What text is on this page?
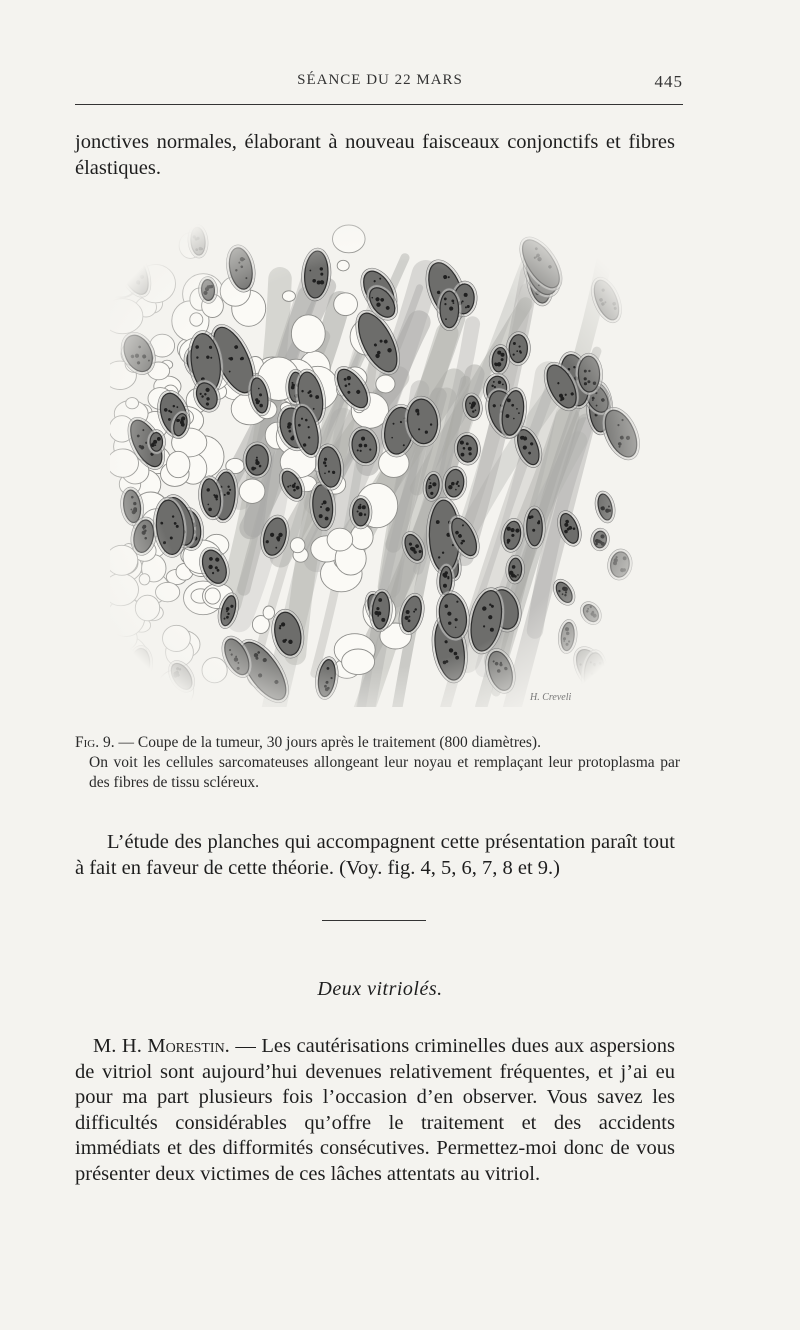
SÉANCE DU 22 MARS	445

jonctives normales, élaborant à nouveau faisceaux conjonctifs et fibres élastiques.

H. Creveli

Fig. 9. — Coupe de la tumeur, 30 jours après le traitement (800 diamètres).

On voit les cellules sarcomateuses allongeant leur noyau et remplaçant leur protoplasma par des fibres de tissu scléreux.

L’étude des planches qui accompagnent cette présentation paraît tout à fait en faveur de cette théorie. (Voy. fig. 4, 5, 6, 7, 8 et 9.)

Deux vitriolés.

M. H. Morestin. — Les cautérisations criminelles dues aux aspersions de vitriol sont aujourd’hui devenues relativement fréquentes, et j’ai eu pour ma part plusieurs fois l’occasion d’en observer. Vous savez les difficultés considérables qu’offre le traitement et des accidents immédiats et des difformités consécutives. Permettez-moi donc de vous présenter deux victimes de ces lâches attentats au vitriol.
